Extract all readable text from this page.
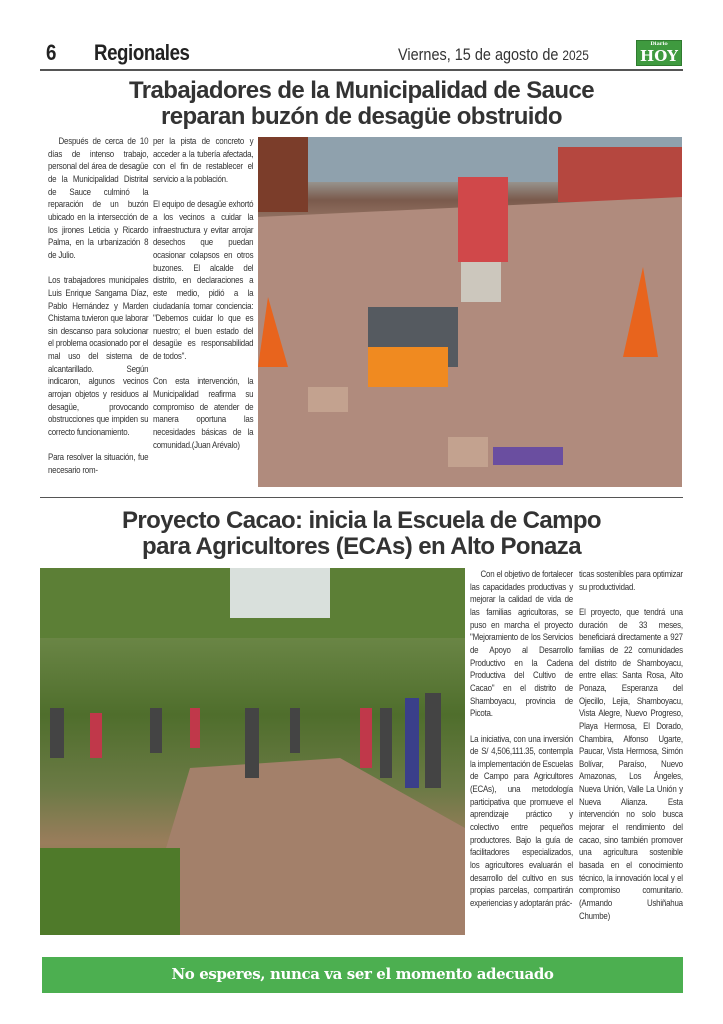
6 Regionales	Viernes, 15 de agosto de 2025
Diario
HOY
Trabajadores de la Municipalidad de Sauce
reparan buzón de desagüe obstruido

Después de cerca de 10 días de intenso trabajo, personal del área de desagüe de la Municipalidad Distrital de Sauce culminó la reparación de un buzón ubicado en la intersección de los jirones Leticia y Ricardo Palma, en la urbanización 8 de Julio.

Los trabajadores municipales Luis Enrique Sangama Díaz, Pablo Hernández y Marden Chistama tuvieron que laborar sin descanso para solucionar el problema ocasionado por el mal uso del sistema de alcantarillado. Según indicaron, algunos vecinos arrojan objetos y residuos al desagüe, provocando obstrucciones que impiden su correcto funcionamiento.

Para resolver la situación, fue necesario rom-

per la pista de concreto y acceder a la tubería afectada, con el fin de restablecer el servicio a la población.

El equipo de desagüe exhortó a los vecinos a cuidar la infraestructura y evitar arrojar desechos que puedan ocasionar colapsos en otros buzones. El alcalde del distrito, en declaraciones a este medio, pidió a la ciudadanía tomar conciencia: "Debemos cuidar lo que es nuestro; el buen estado del desagüe es responsabilidad de todos".

Con esta intervención, la Municipalidad reafirma su compromiso de atender de manera oportuna las necesidades básicas de la comunidad.(Juan Arévalo)

Proyecto Cacao: inicia la Escuela de Campo
para Agricultores (ECAs) en Alto Ponaza

Con el objetivo de fortalecer las capacidades productivas y mejorar la calidad de vida de las familias agricultoras, se puso en marcha el proyecto "Mejoramiento de los Servicios de Apoyo al Desarrollo Productivo en la Cadena Productiva del Cultivo de Cacao" en el distrito de Shamboyacu, provincia de Picota.

La iniciativa, con una inversión de S/ 4,506,111.35, contempla la implementación de Escuelas de Campo para Agricultores (ECAs), una metodología participativa que promueve el aprendizaje práctico y colectivo entre pequeños productores. Bajo la guía de facilitadores especializados, los agricultores evaluarán el desarrollo del cultivo en sus propias parcelas, compartirán experiencias y adoptarán prác-

ticas sostenibles para optimizar su productividad.

El proyecto, que tendrá una duración de 33 meses, beneficiará directamente a 927 familias de 22 comunidades del distrito de Shamboyacu, entre ellas: Santa Rosa, Alto Ponaza, Esperanza del Ojecillo, Lejia, Shamboyacu, Vista Alegre, Nuevo Progreso, Playa Hermosa, El Dorado, Chambira, Alfonso Ugarte, Paucar, Vista Hermosa, Simón Bolívar, Paraíso, Nuevo Amazonas, Los Ángeles, Nueva Unión, Valle La Unión y Nueva Alianza. Esta intervención no solo busca mejorar el rendimiento del cacao, sino también promover una agricultura sostenible basada en el conocimiento técnico, la innovación local y el compromiso comunitario. (Armando Ushiñahua Chumbe)

No esperes, nunca va ser el momento adecuado
